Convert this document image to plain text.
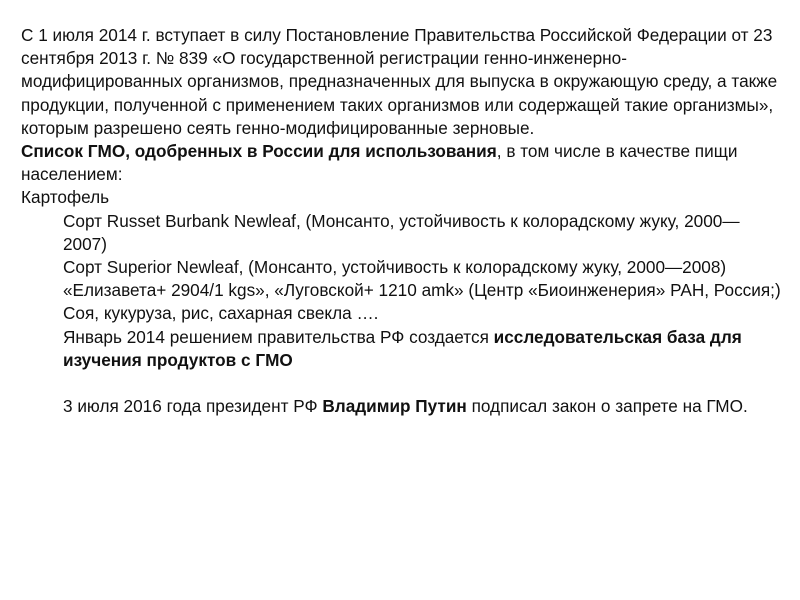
С 1 июля 2014 г. вступает в силу Постановление Правительства Российской Федерации от 23 сентября 2013 г. № 839 «О государственной регистрации генно-инженерно-модифицированных организмов, предназначенных для выпуска в окружающую среду, а также продукции, полученной с применением таких организмов или содержащей такие организмы», которым разрешено сеять генно-модифицированные зерновые.

Список ГМО, одобренных в России для использования, в том числе в качестве пищи населением:

Картофель

Сорт Russet Burbank Newleaf, (Монсанто, устойчивость к колорадскому жуку, 2000—2007)

Сорт Superior Newleaf, (Монсанто, устойчивость к колорадскому жуку, 2000—2008)

«Елизавета+ 2904/1 kgs», «Луговской+ 1210 amk» (Центр «Биоинженерия» РАН, Россия;)

Соя, кукуруза, рис, сахарная свекла ….

Январь 2014 решением правительства РФ создается исследовательская база для изучения продуктов с ГМО

3 июля 2016 года президент РФ Владимир Путин подписал закон о запрете на ГМО.
